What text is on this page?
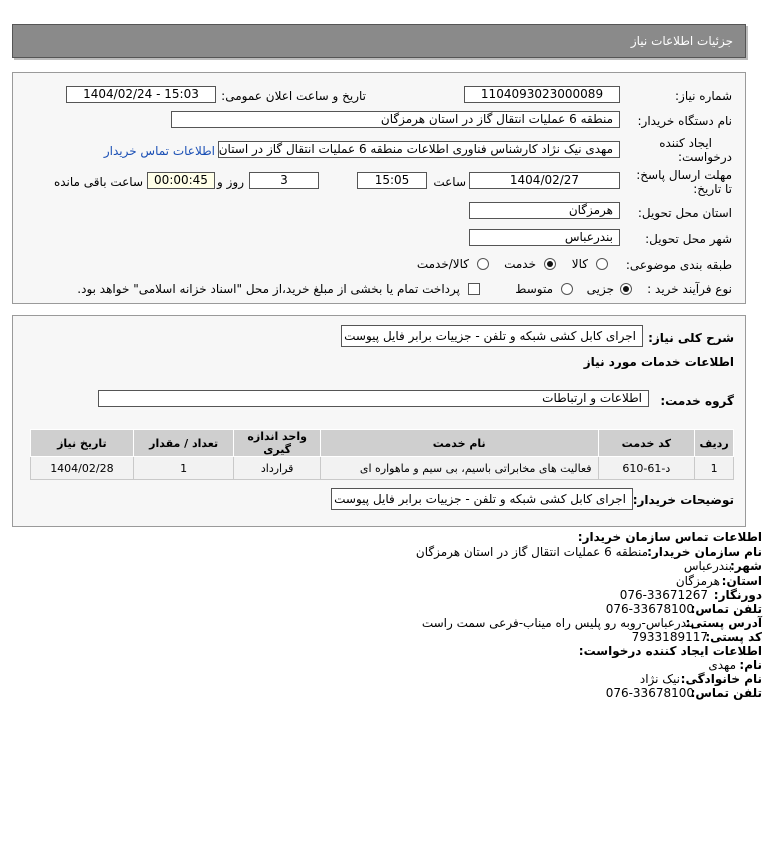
جزئیات اطلاعات نیاز
شماره نیاز:
1104093023000089
تاریخ و ساعت اعلان عمومی:
1404/02/24 - 15:03
نام دستگاه خریدار:
منطقه 6 عملیات انتقال گاز در استان هرمزگان
ایجاد کننده
درخواست:
مهدی نیک نژاد کارشناس فناوری اطلاعات منطقه 6 عملیات انتقال گاز در استان
اطلاعات تماس خریدار
مهلت ارسال پاسخ:
تا تاریخ:
1404/02/27
ساعت
15:05
3
روز و
00:00:45
ساعت باقی مانده
استان محل تحویل:
هرمزگان
شهر محل تحویل:
بندرعباس
طبقه بندی موضوعی:
کالا
خدمت
کالا/خدمت
نوع فرآیند خرید :
جزیی
متوسط
پرداخت تمام یا بخشی از مبلغ خرید،از محل "اسناد خزانه اسلامی" خواهد بود.
شرح کلی نیاز:
اجرای کابل کشی شبکه و تلفن - جزییات برابر فایل پیوست
اطلاعات خدمات مورد نیاز
گروه خدمت:
اطلاعات و ارتباطات
ردیف	کد خدمت	نام خدمت	واحد اندازه گیری	تعداد / مقدار	تاریخ نیاز
1	د-61-610	فعالیت های مخابراتی باسیم، بی سیم و ماهواره ای	قرارداد	1	1404/02/28
توضیحات خریدار:
اجرای کابل کشی شبکه و تلفن - جزییات برابر فایل پیوست
اطلاعات تماس سازمان خریدار:
نام سازمان خریدار:
منطقه 6 عملیات انتقال گاز در استان هرمزگان
شهر:
بندرعباس
استان:
هرمزگان
دورنگار:
076-33671267
تلفن تماس:
076-33678100
آدرس پستی:
بندرعباس-روبه رو پلیس راه میناب-فرعی سمت راست
کد پستی:
7933189117
اطلاعات ایجاد کننده درخواست:
نام:
مهدی
نام خانوادگی:
نیک نژاد
تلفن تماس:
076-33678100
